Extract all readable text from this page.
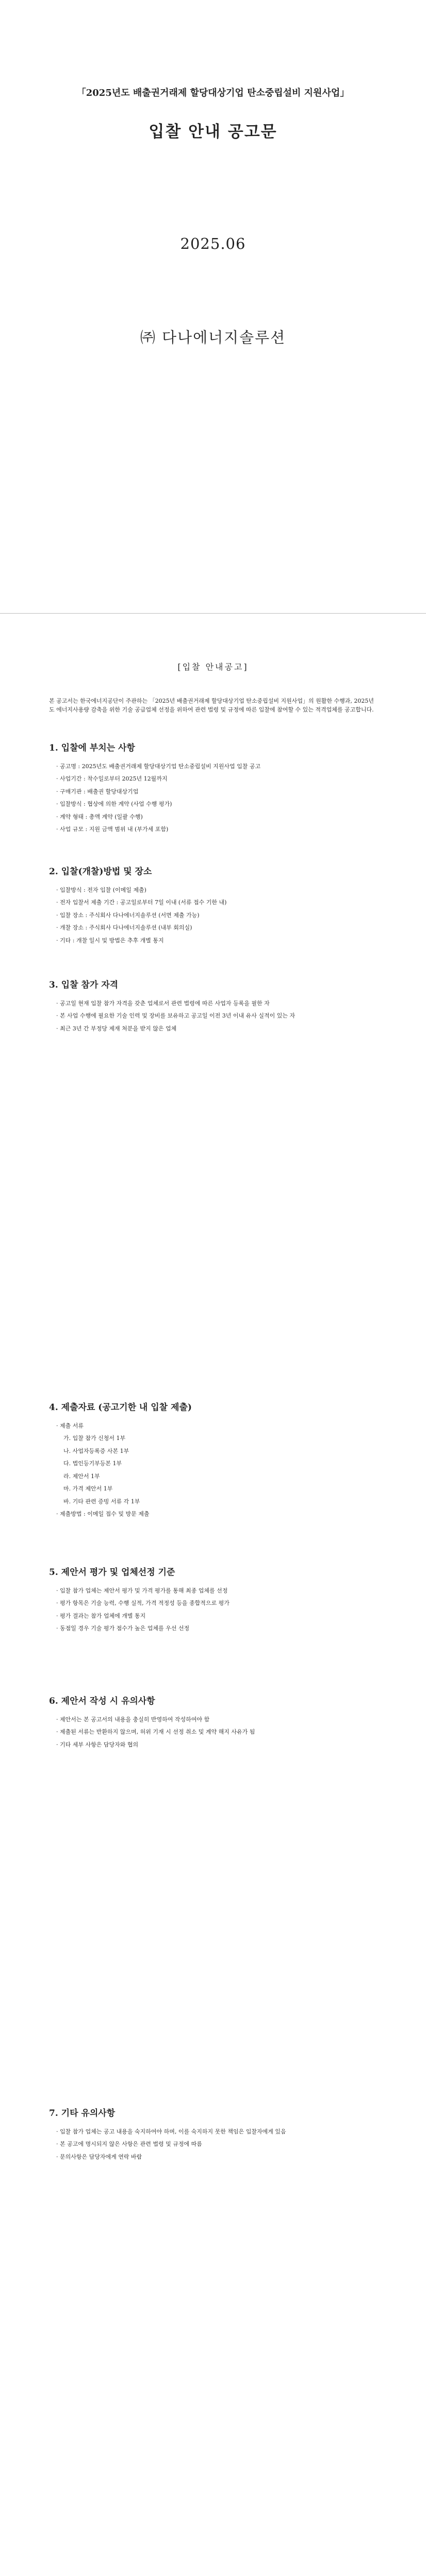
「2025년도 배출권거래제 할당대상기업 탄소중립설비 지원사업」
입찰 안내 공고문
2025.06
㈜ 다나에너지솔루션
[입찰 안내공고]
본 공고서는 한국에너지공단이 주관하는 「2025년 배출권거래제 할당대상기업 탄소중립설비 지원사업」의 원활한 수행과, 2025년도 에너지사용량 감축을 위한 기술 공급업체 선정을 위하여 관련 법령 및 규정에 따른 입찰에 참여할 수 있는 적격업체를 공고합니다.
1. 입찰에 부치는 사항
· 공고명 : 2025년도 배출권거래제 할당대상기업 탄소중립설비 지원사업 입찰 공고
· 사업기간 : 착수일로부터 2025년 12월까지
· 구매기관 : 배출권 할당대상기업
· 입찰방식 : 협상에 의한 계약 (사업 수행 평가)
· 계약 형태 : 총액 계약 (일괄 수행)
· 사업 규모 : 지원 금액 범위 내 (부가세 포함)
2. 입찰(개찰)방법 및 장소
· 입찰방식 : 전자 입찰 (이메일 제출)
· 전자 입찰서 제출 기간 : 공고일로부터 7일 이내 (서류 접수 기한 내)
· 입찰 장소 : 주식회사 다나에너지솔루션 (서면 제출 가능)
· 개찰 장소 : 주식회사 다나에너지솔루션 (내부 회의실)
· 기타 : 개찰 일시 및 방법은 추후 개별 통지
3. 입찰 참가 자격
· 공고일 현재 입찰 참가 자격을 갖춘 업체로서 관련 법령에 따른 사업자 등록을 필한 자
· 본 사업 수행에 필요한 기술 인력 및 장비를 보유하고 공고일 이전 3년 이내 유사 실적이 있는 자
· 최근 3년 간 부정당 제재 처분을 받지 않은 업체
4. 제출자료 (공고기한 내 입찰 제출)
· 제출 서류
가. 입찰 참가 신청서 1부
나. 사업자등록증 사본 1부
다. 법인등기부등본 1부
라. 제안서 1부
마. 가격 제안서 1부
바. 기타 관련 증빙 서류 각 1부
· 제출방법 : 이메일 접수 및 방문 제출
5. 제안서 평가 및 업체선정 기준
· 입찰 참가 업체는 제안서 평가 및 가격 평가를 통해 최종 업체를 선정
· 평가 항목은 기술 능력, 수행 실적, 가격 적정성 등을 종합적으로 평가
· 평가 결과는 참가 업체에 개별 통지
· 동점일 경우 기술 평가 점수가 높은 업체를 우선 선정
6. 제안서 작성 시 유의사항
· 제안서는 본 공고서의 내용을 충실히 반영하여 작성하여야 함
· 제출된 서류는 반환하지 않으며, 허위 기재 시 선정 취소 및 계약 해지 사유가 됨
· 기타 세부 사항은 담당자와 협의
7. 기타 유의사항
· 입찰 참가 업체는 공고 내용을 숙지하여야 하며, 이를 숙지하지 못한 책임은 입찰자에게 있음
· 본 공고에 명시되지 않은 사항은 관련 법령 및 규정에 따름
· 문의사항은 담당자에게 연락 바람
